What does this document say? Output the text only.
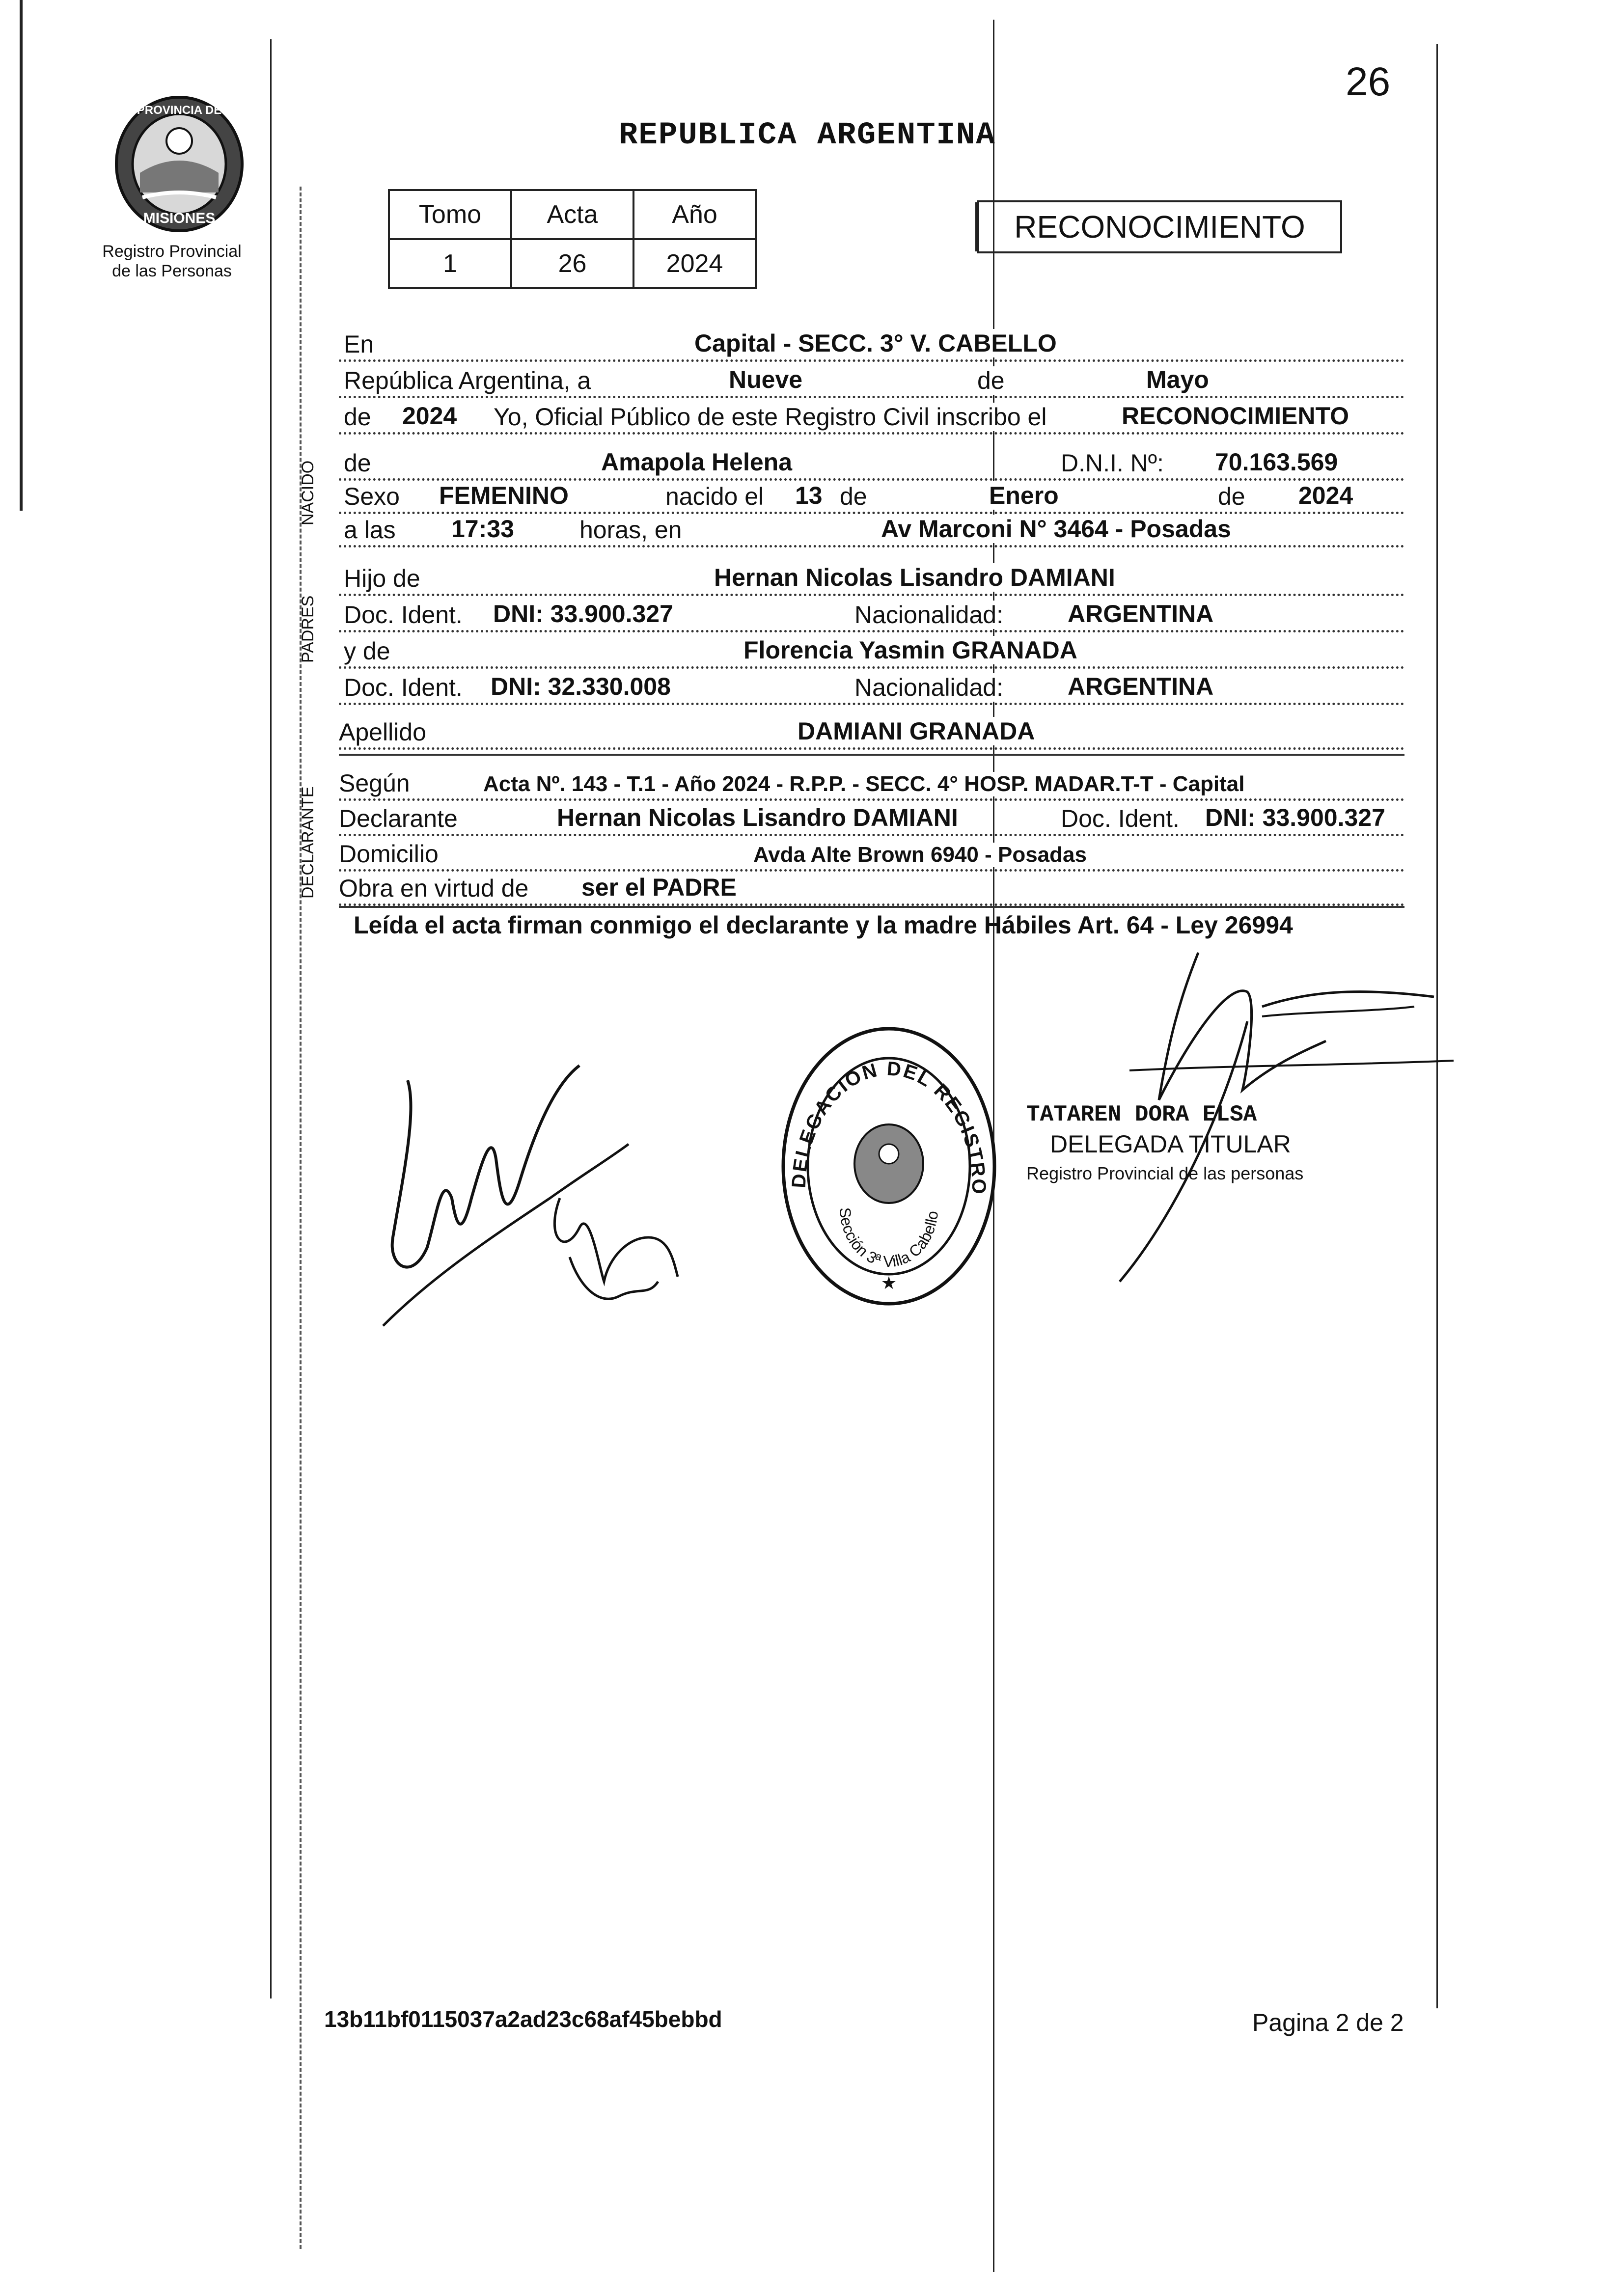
PROVINCIA DE
MISIONES
Registro Provincial
de las Personas
26
REPUBLICA ARGENTINA
Tomo	Acta	Año
1	26	2024
RECONOCIMIENTO
NACIDO
PADRES
DECLARANTE
En	Capital - SECC. 3° V. CABELLO
República Argentina, a	Nueve	de	Mayo
de 2024 Yo, Oficial Público de este Registro Civil inscribo el	RECONOCIMIENTO
de	Amapola Helena	D.N.I. Nº: 70.163.569
Sexo FEMENINO	nacido el 13 de	Enero	de 2024
a las 17:33	horas, en	Av Marconi N° 3464 - Posadas
Hijo de	Hernan Nicolas Lisandro DAMIANI
Doc. Ident. DNI: 33.900.327	Nacionalidad:	ARGENTINA
y de	Florencia Yasmin GRANADA
Doc. Ident. DNI: 32.330.008	Nacionalidad:	ARGENTINA
Apellido	DAMIANI GRANADA
Según	Acta Nº. 143 - T.1 - Año 2024 - R.P.P. - SECC. 4° HOSP. MADAR.T-T - Capital
Declarante	Hernan Nicolas Lisandro DAMIANI	Doc. Ident. DNI: 33.900.327
Domicilio	Avda Alte Brown 6940 - Posadas
Obra en virtud de ser el PADRE
Leída el acta firman conmigo el declarante y la madre Hábiles Art. 64 - Ley 26994
DELEGACION DEL REGISTRO
Sección 3ª Villa Cabello
★
TATAREN DORA ELSA
DELEGADA TITULAR
Registro Provincial de las personas
13b11bf0115037a2ad23c68af45bebbd	Pagina 2 de 2
